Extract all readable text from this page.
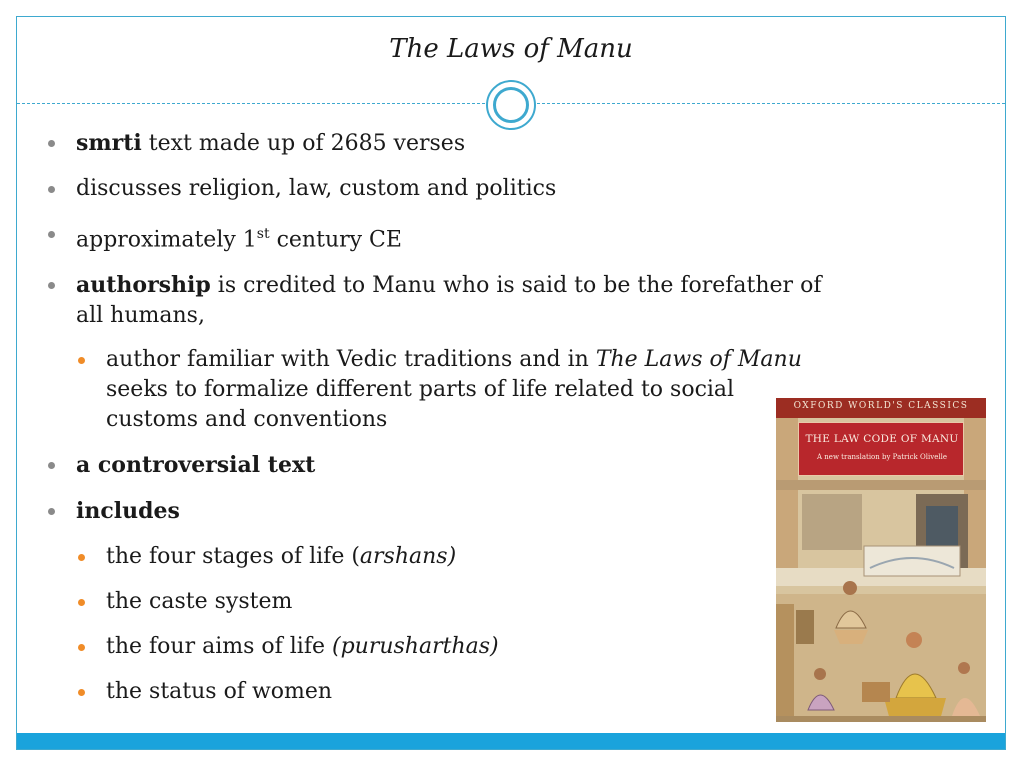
The Laws of Manu
smrti text made up of 2685 verses
discusses religion, law, custom and politics
approximately 1st century CE
authorship is credited to Manu who is said to be the forefather of all humans,
author familiar with Vedic traditions and in The Laws of Manu seeks to formalize different parts of life related to social customs and conventions
a controversial text
includes
the four stages of life (arshans)
the caste system
the four aims of life (purusharthas)
the status of women
OXFORD WORLD'S CLASSICS
THE LAW CODE OF MANU
A new translation by Patrick Olivelle
